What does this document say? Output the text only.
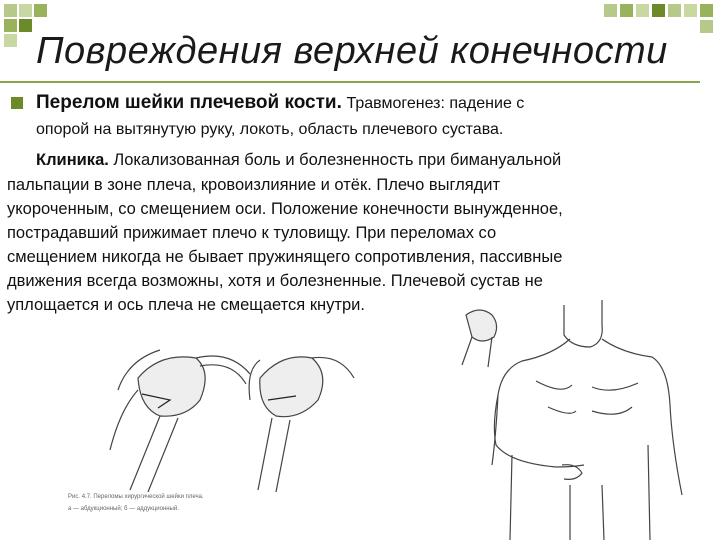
Повреждения верхней конечности
Перелом шейки плечевой кости. Травмогенез: падение с
опорой на вытянутую руку, локоть, область плечевого сустава.
Клиника. Локализованная боль и болезненность при бимануальной
пальпации в зоне плеча, кровоизлияние и отёк. Плечо выглядит
укороченным, со смещением оси. Положение конечности вынужденное,
пострадавший прижимает плечо к туловищу. При переломах со
смещением никогда не бывает пружинящего сопротивления, пассивные
движения всегда возможны, хотя и болезненные. Плечевой сустав не
уплощается и ось плеча не смещается кнутри.
Рис. 4.7. Переломы хирургической шейки плеча.
а — абдукционный; б — аддукционный.
